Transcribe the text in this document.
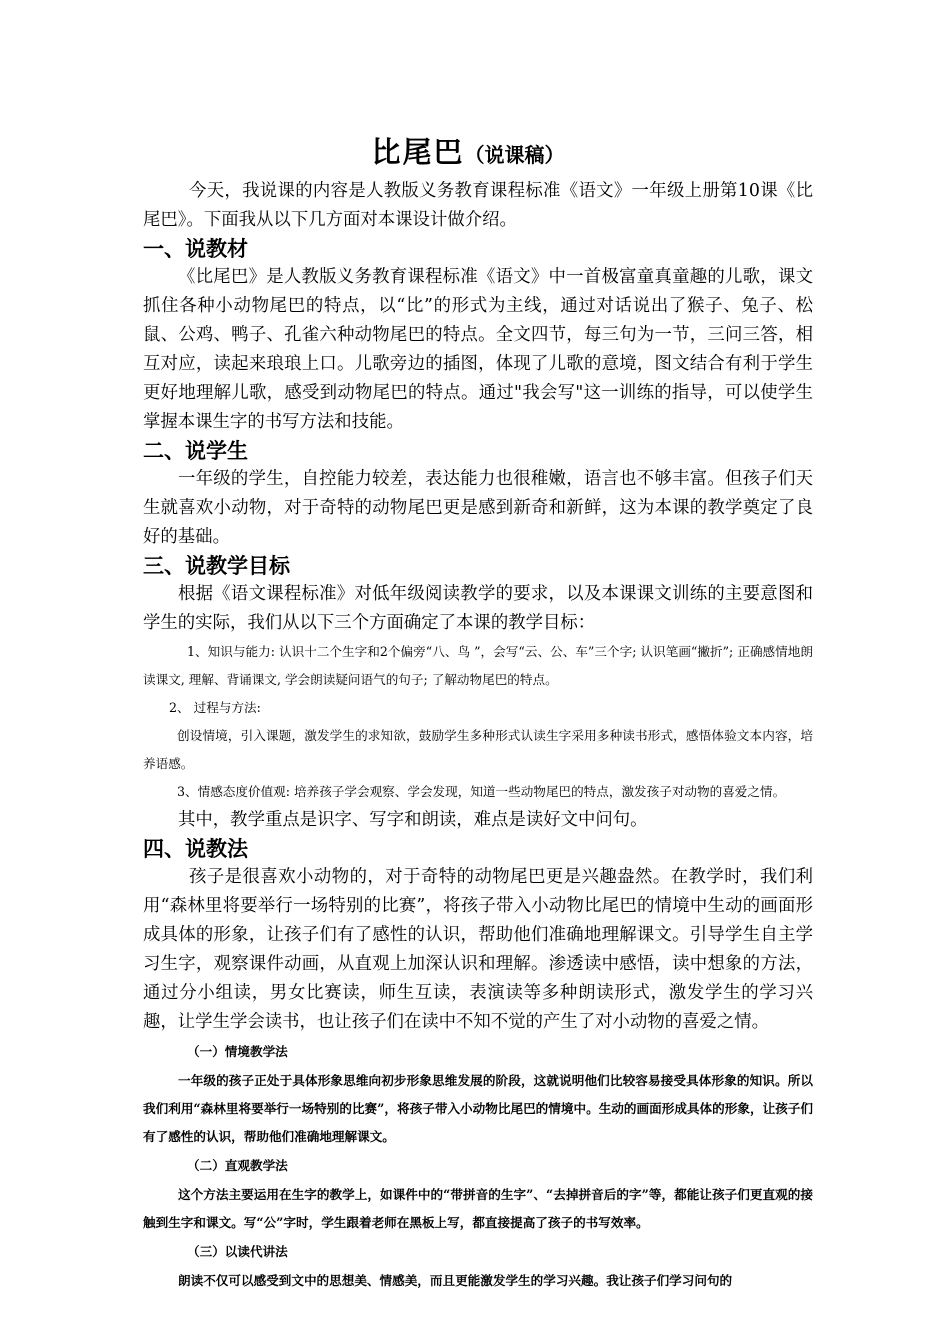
比尾巴（说课稿）

今天，我说课的内容是人教版义务教育课程标准《语文》一年级上册第10课《比尾巴》。下面我从以下几方面对本课设计做介绍。

一、说教材

《比尾巴》是人教版义务教育课程标准《语文》中一首极富童真童趣的儿歌，课文抓住各种小动物尾巴的特点，以“比”的形式为主线，通过对话说出了猴子、兔子、松鼠、公鸡、鸭子、孔雀六种动物尾巴的特点。全文四节，每三句为一节，三问三答，相互对应，读起来琅琅上口。儿歌旁边的插图，体现了儿歌的意境，图文结合有利于学生更好地理解儿歌，感受到动物尾巴的特点。通过"我会写"这一训练的指导，可以使学生掌握本课生字的书写方法和技能。

二、说学生

一年级的学生，自控能力较差，表达能力也很稚嫩，语言也不够丰富。但孩子们天生就喜欢小动物，对于奇特的动物尾巴更是感到新奇和新鲜，这为本课的教学奠定了良好的基础。

三、说教学目标

根据《语文课程标准》对低年级阅读教学的要求，以及本课课文训练的主要意图和学生的实际，我们从以下三个方面确定了本课的教学目标：

1、知识与能力: 认识十二个生字和2个偏旁“八、鸟 ”，会写“云、公、车”三个字; 认识笔画“撇折”; 正确感情地朗读课文, 理解、背诵课文, 学会朗读疑问语气的句子; 了解动物尾巴的特点。

2、 过程与方法:

创设情境，引入课题，激发学生的求知欲，鼓励学生多种形式认读生字采用多种读书形式，感悟体验文本内容，培养语感。

3、情感态度价值观: 培养孩子学会观察、学会发现，知道一些动物尾巴的特点，激发孩子对动物的喜爱之情。

其中，教学重点是识字、写字和朗读，难点是读好文中问句。

四、说教法

孩子是很喜欢小动物的，对于奇特的动物尾巴更是兴趣盎然。在教学时，我们利用“森林里将要举行一场特别的比赛”，将孩子带入小动物比尾巴的情境中生动的画面形成具体的形象，让孩子们有了感性的认识，帮助他们准确地理解课文。引导学生自主学习生字，观察课件动画，从直观上加深认识和理解。渗透读中感悟，读中想象的方法，通过分小组读，男女比赛读，师生互读，表演读等多种朗读形式，激发学生的学习兴趣，让学生学会读书，也让孩子们在读中不知不觉的产生了对小动物的喜爱之情。

（一）情境教学法

一年级的孩子正处于具体形象思维向初步形象思维发展的阶段，这就说明他们比较容易接受具体形象的知识。所以我们利用“森林里将要举行一场特别的比赛”，将孩子带入小动物比尾巴的情境中。生动的画面形成具体的形象，让孩子们有了感性的认识，帮助他们准确地理解课文。

（二）直观教学法

这个方法主要运用在生字的教学上，如课件中的“带拼音的生字”、“去掉拼音后的字”等，都能让孩子们更直观的接触到生字和课文。写“公”字时，学生跟着老师在黑板上写，都直接提高了孩子的书写效率。

（三）以读代讲法

朗读不仅可以感受到文中的思想美、情感美，而且更能激发学生的学习兴趣。我让孩子们学习问句的
